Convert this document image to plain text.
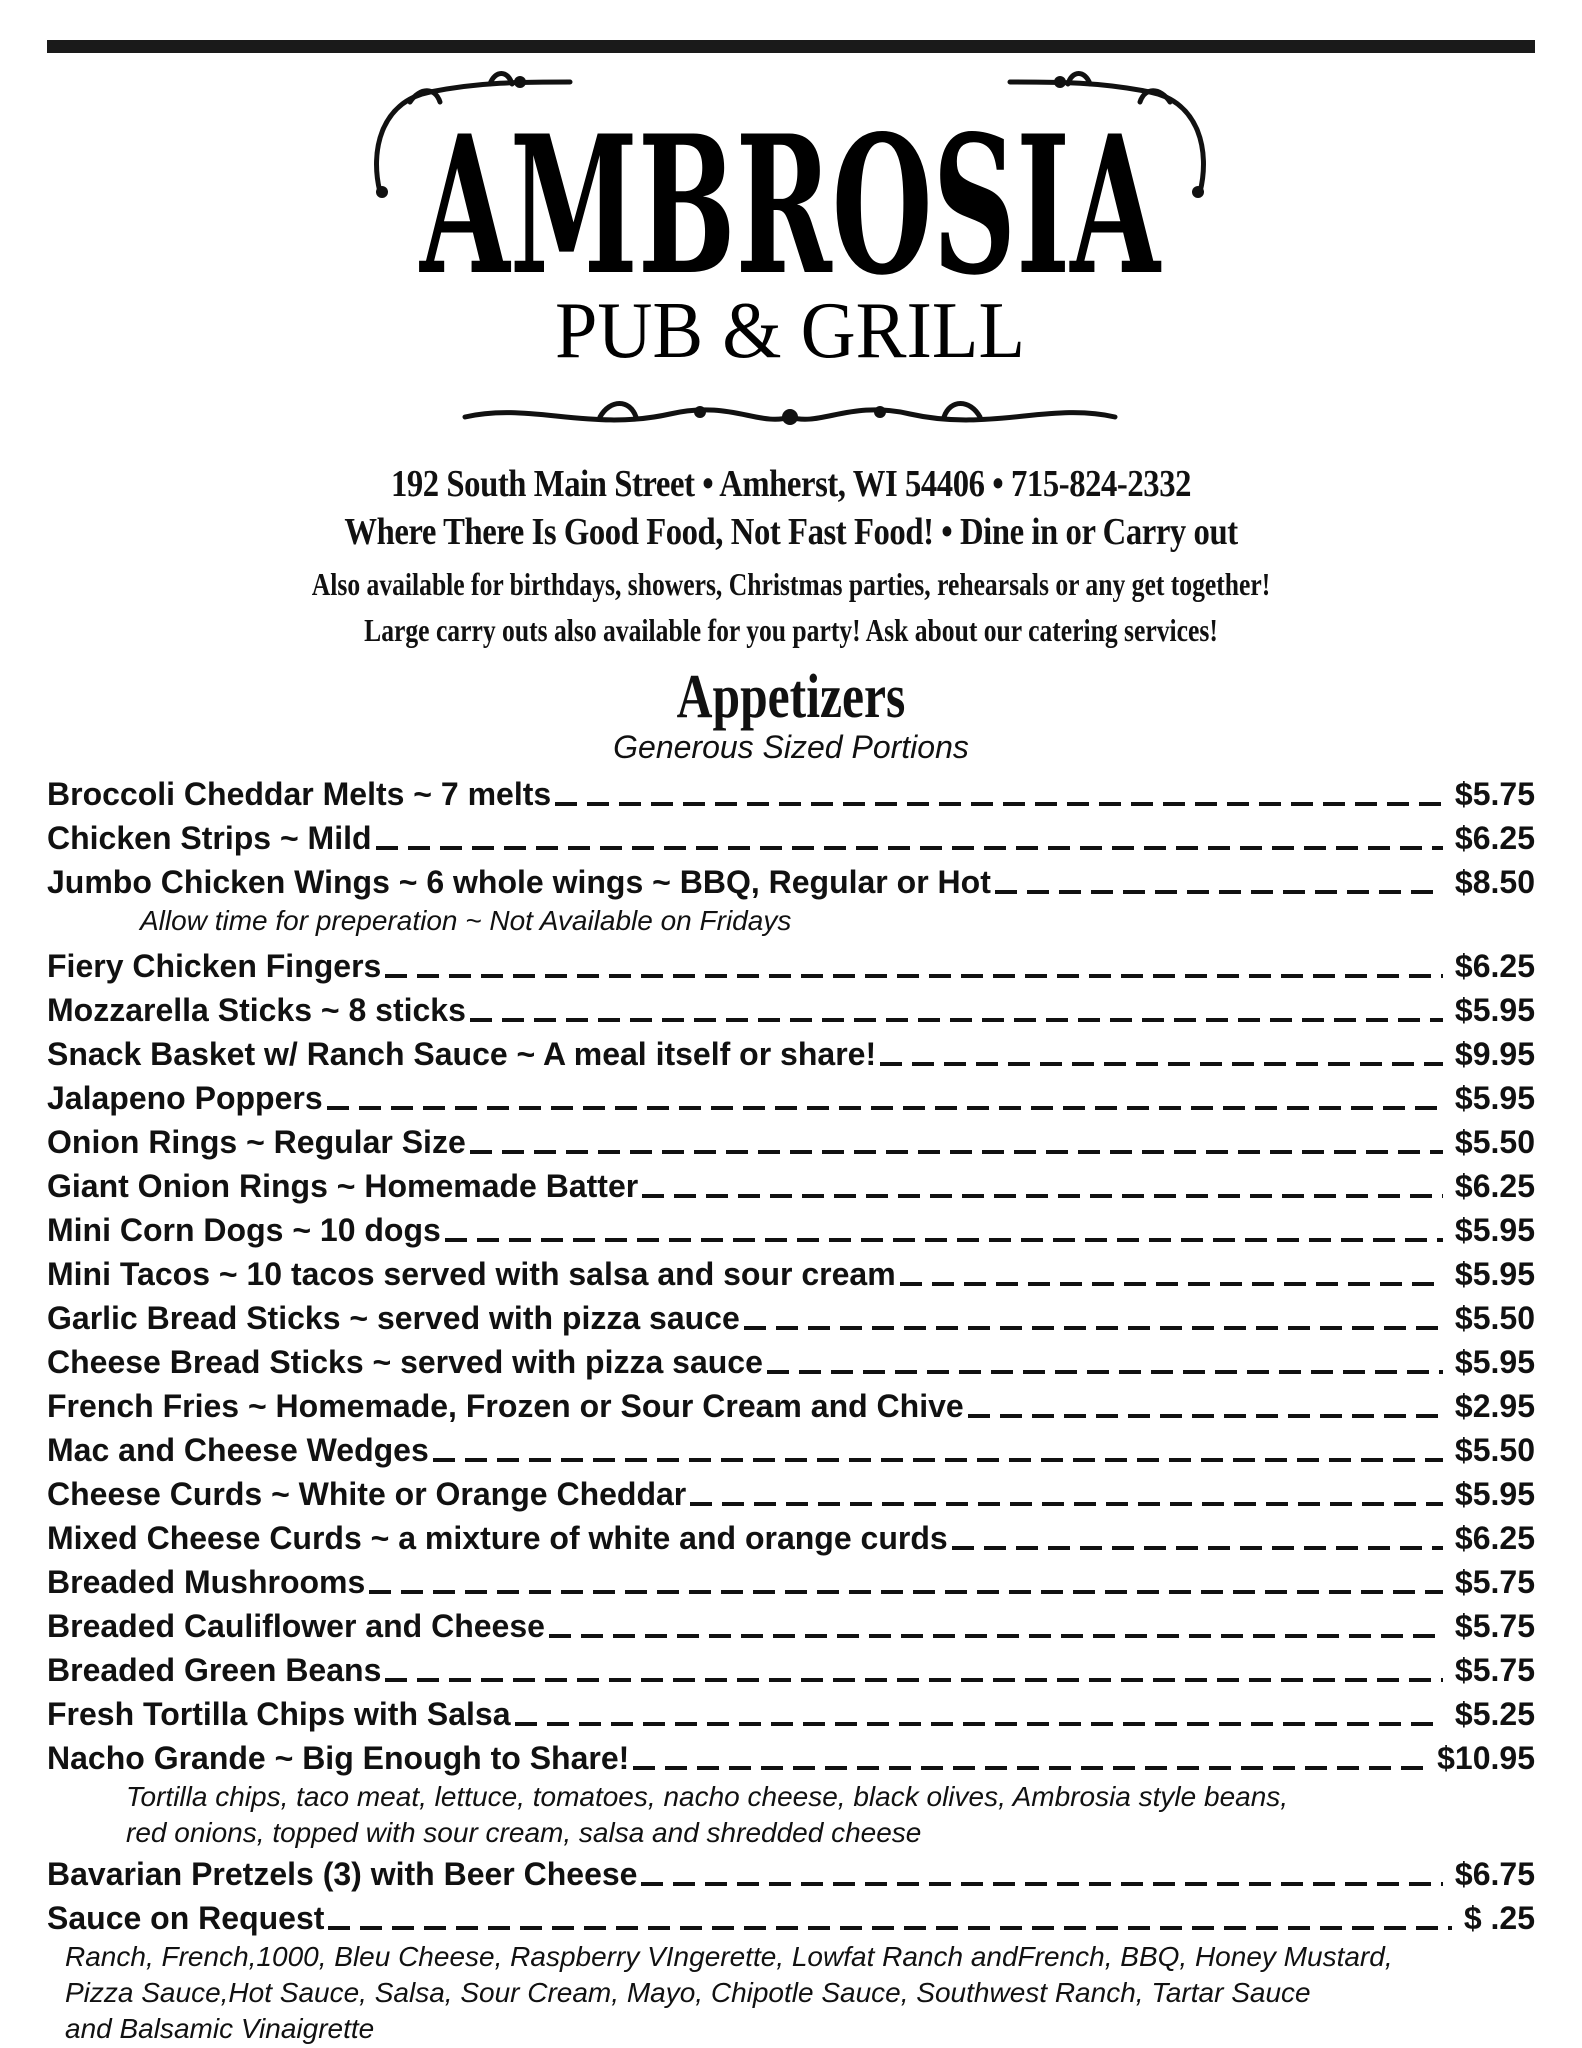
AMBROSIA
PUB & GRILL
192 South Main Street • Amherst, WI 54406 • 715-824-2332
Where There Is Good Food, Not Fast Food! • Dine in or Carry out
Also available for birthdays, showers, Christmas parties, rehearsals or any get together!
Large carry outs also available for you party! Ask about our catering services!
Appetizers
Generous Sized Portions
Broccoli Cheddar Melts ~ 7 melts	$5.75
Chicken Strips ~ Mild	$6.25
Jumbo Chicken Wings ~ 6 whole wings ~ BBQ, Regular or Hot	$8.50
Allow time for preperation ~ Not Available on Fridays
Fiery Chicken Fingers	$6.25
Mozzarella Sticks ~ 8 sticks	$5.95
Snack Basket w/ Ranch Sauce ~ A meal itself or share!	$9.95
Jalapeno Poppers	$5.95
Onion Rings ~ Regular Size	$5.50
Giant Onion Rings ~ Homemade Batter	$6.25
Mini Corn Dogs ~ 10 dogs	$5.95
Mini Tacos ~ 10 tacos served with salsa and sour cream	$5.95
Garlic Bread Sticks ~ served with pizza sauce	$5.50
Cheese Bread Sticks ~ served with pizza sauce	$5.95
French Fries ~ Homemade, Frozen or Sour Cream and Chive	$2.95
Mac and Cheese Wedges	$5.50
Cheese Curds ~ White or Orange Cheddar	$5.95
Mixed Cheese Curds ~ a mixture of white and orange curds	$6.25
Breaded Mushrooms	$5.75
Breaded Cauliflower and Cheese	$5.75
Breaded Green Beans	$5.75
Fresh Tortilla Chips with Salsa	$5.25
Nacho Grande ~ Big Enough to Share!	$10.95
Tortilla chips, taco meat, lettuce, tomatoes, nacho cheese, black olives, Ambrosia style beans,
red onions, topped with sour cream, salsa and shredded cheese
Bavarian Pretzels (3) with Beer Cheese	$6.75
Sauce on Request	$ .25
Ranch, French,1000, Bleu Cheese, Raspberry VIngerette, Lowfat Ranch andFrench, BBQ, Honey Mustard,
Pizza Sauce,Hot Sauce, Salsa, Sour Cream, Mayo, Chipotle Sauce, Southwest Ranch, Tartar Sauce
and Balsamic Vinaigrette
